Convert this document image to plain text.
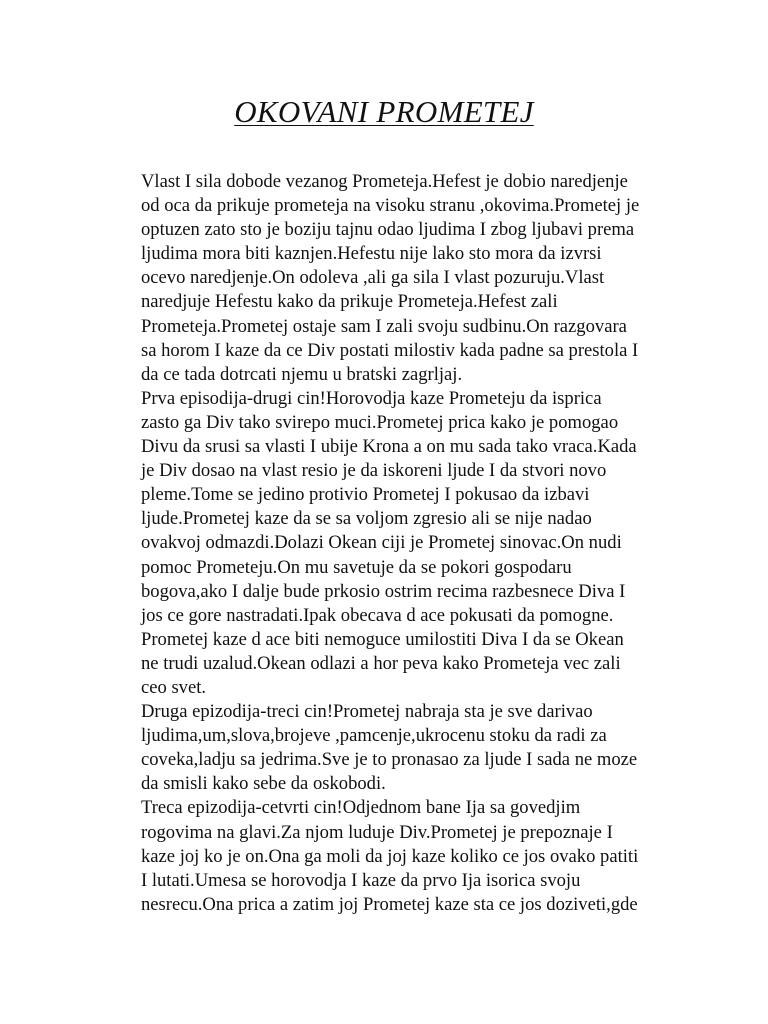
OKOVANI PROMETEJ
Vlast I sila dobode vezanog Prometeja.Hefest je dobio naredjenje
od oca da prikuje prometeja na visoku stranu ,okovima.Prometej je
optuzen zato sto je boziju tajnu odao ljudima I zbog ljubavi prema
ljudima mora biti kaznjen.Hefestu nije lako sto mora da izvrsi
ocevo naredjenje.On odoleva ,ali ga sila I vlast pozuruju.Vlast
naredjuje Hefestu kako da prikuje Prometeja.Hefest zali
Prometeja.Prometej ostaje sam I zali svoju sudbinu.On razgovara
sa horom I kaze da ce Div postati milostiv kada padne sa prestola I
da ce tada dotrcati njemu u bratski zagrljaj.
Prva episodija-drugi cin!Horovodja kaze Prometeju da isprica
zasto ga Div tako svirepo muci.Prometej prica kako je pomogao
Divu da srusi sa vlasti I ubije Krona a on mu sada tako vraca.Kada
je Div dosao na vlast resio je da iskoreni ljude I da stvori novo
pleme.Tome se jedino protivio Prometej I pokusao da izbavi
ljude.Prometej kaze da se sa voljom zgresio ali se nije nadao
ovakvoj odmazdi.Dolazi Okean ciji je Prometej sinovac.On nudi
pomoc Prometeju.On mu savetuje da se pokori gospodaru
bogova,ako I dalje bude prkosio ostrim recima razbesnece Diva I
jos ce gore nastradati.Ipak obecava d ace pokusati da pomogne.
Prometej kaze d ace biti nemoguce umilostiti Diva I da se Okean
ne trudi uzalud.Okean odlazi a hor peva kako Prometeja vec zali
ceo svet.
Druga epizodija-treci cin!Prometej nabraja sta je sve darivao
ljudima,um,slova,brojeve ,pamcenje,ukrocenu stoku da radi za
coveka,ladju sa jedrima.Sve je to pronasao za ljude I sada ne moze
da smisli kako sebe da oskobodi.
Treca epizodija-cetvrti cin!Odjednom bane Ija sa govedjim
rogovima na glavi.Za njom luduje Div.Prometej je prepoznaje I
kaze joj ko je on.Ona ga moli da joj kaze koliko ce jos ovako patiti
I lutati.Umesa se horovodja I kaze da prvo Ija isorica svoju
nesrecu.Ona prica a zatim joj Prometej kaze sta ce jos doziveti,gde
